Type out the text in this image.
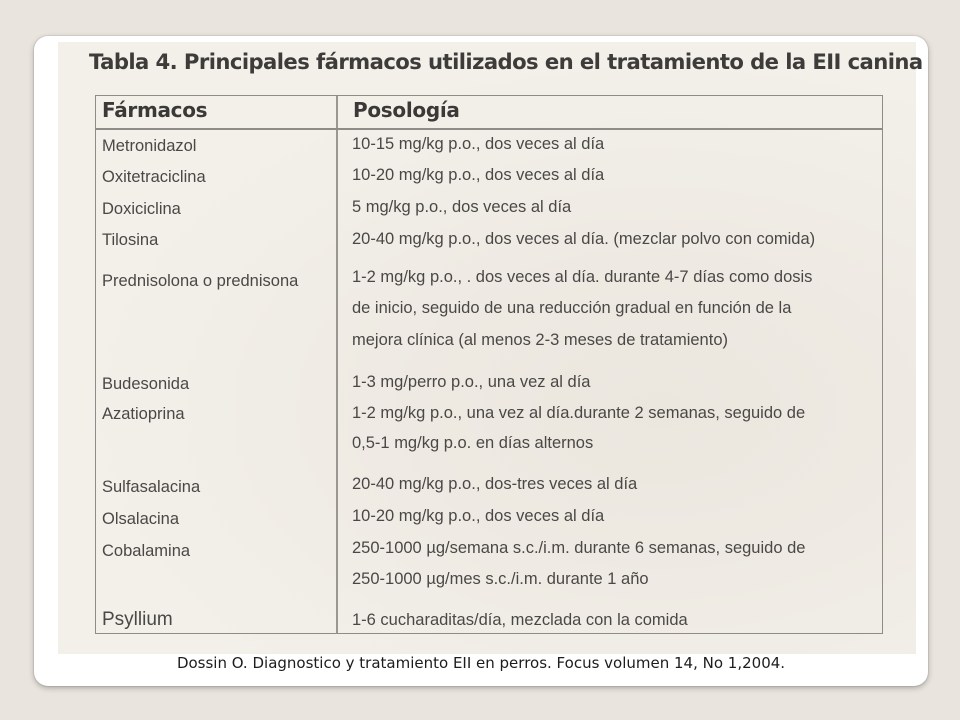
Tabla 4. Principales fármacos utilizados en el tratamiento de la EII canina
Fármacos	Posología
Metronidazol
Oxitetraciclina
Doxiciclina
Tilosina
Prednisolona o prednisona
Budesonida
Azatioprina
Sulfasalacina
Olsalacina
Cobalamina
Psyllium
10-15 mg/kg p.o., dos veces al día
10-20 mg/kg p.o., dos veces al día
5 mg/kg p.o., dos veces al día
20-40 mg/kg p.o., dos veces al día. (mezclar polvo con comida)
1-2 mg/kg p.o., . dos veces al día. durante 4-7 días como dosis
de inicio, seguido de una reducción gradual en función de la
mejora clínica (al menos 2-3 meses de tratamiento)
1-3 mg/perro p.o., una vez al día
1-2 mg/kg p.o., una vez al día.durante 2 semanas, seguido de
0,5-1 mg/kg p.o. en días alternos
20-40 mg/kg p.o., dos-tres veces al día
10-20 mg/kg p.o., dos veces al día
250-1000 µg/semana s.c./i.m. durante 6 semanas, seguido de
250-1000 µg/mes s.c./i.m. durante 1 año
1-6 cucharaditas/día, mezclada con la comida
Dossin O. Diagnostico y tratamiento EII en perros. Focus volumen 14, No 1,2004.
